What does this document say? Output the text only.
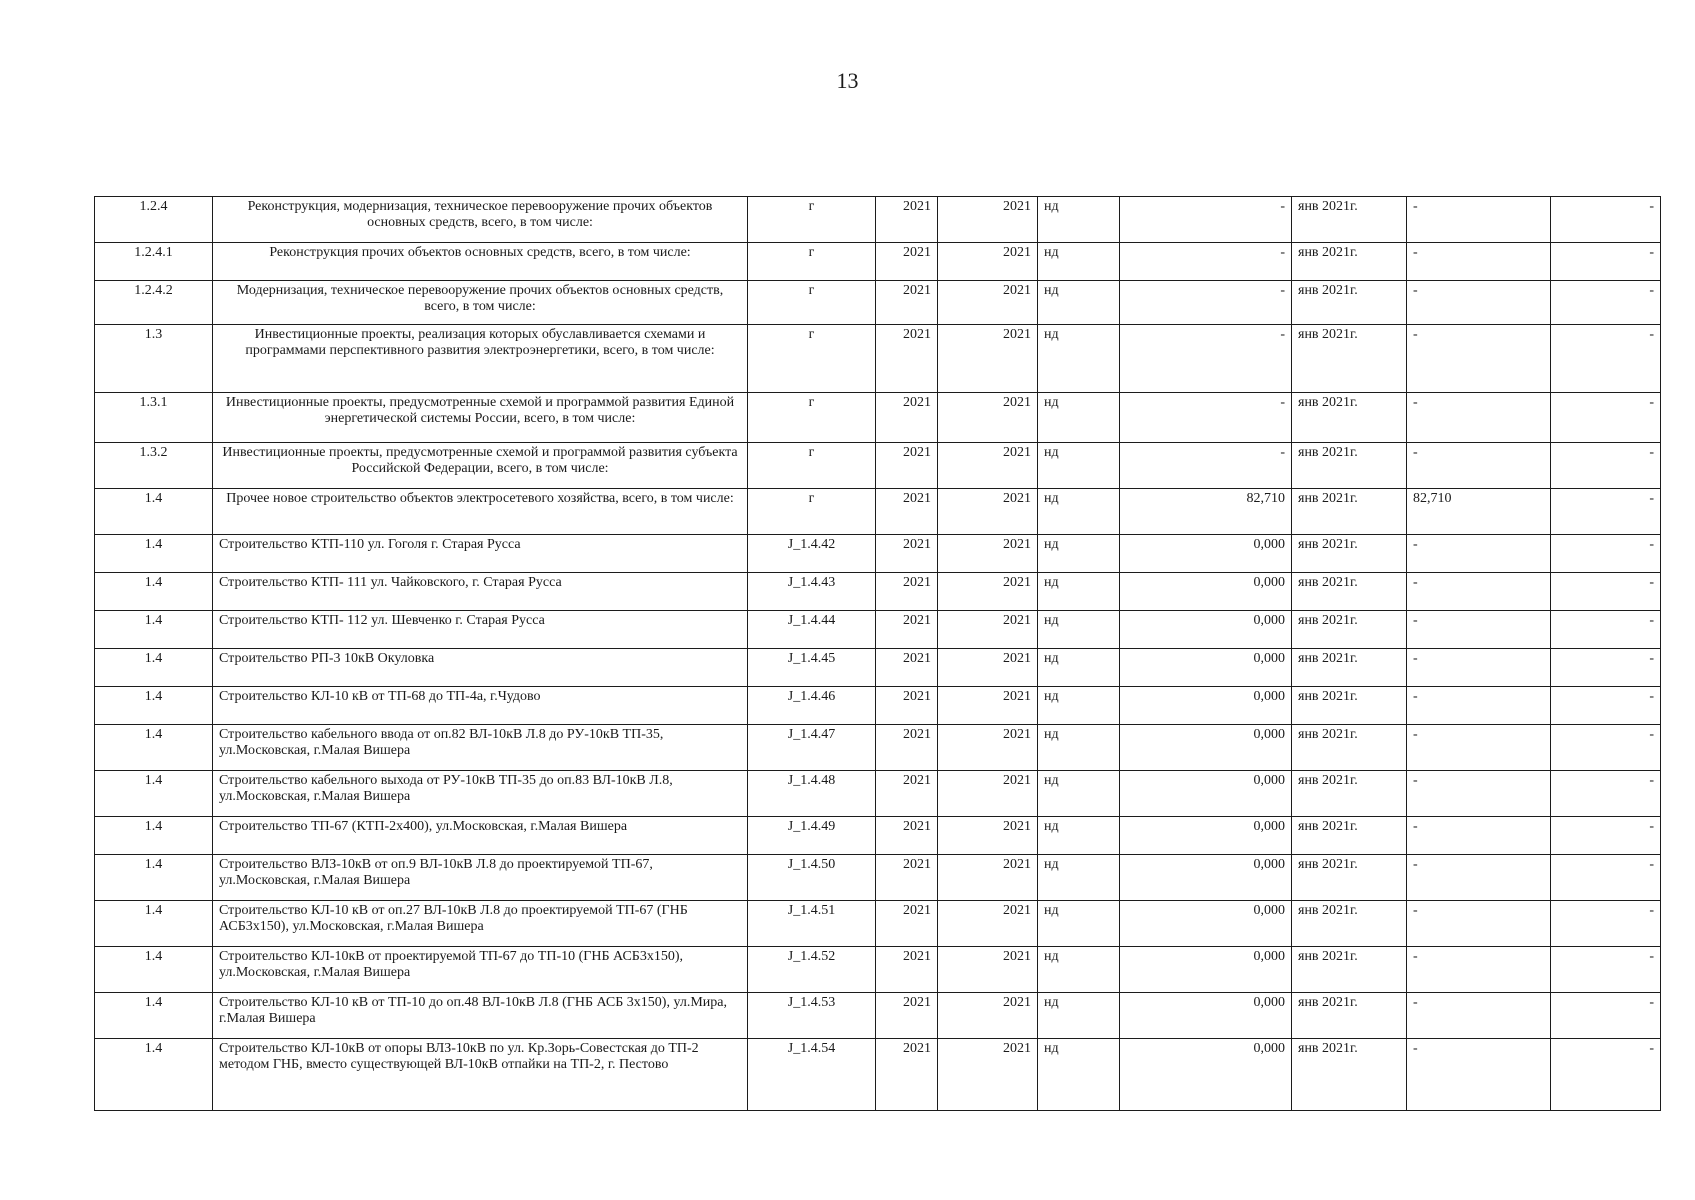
13
1.2.4	Реконструкция, модернизация, техническое перевооружение прочих объектов основных средств, всего, в том числе:	г	2021	2021	нд	-	янв 2021г.	-	-
1.2.4.1	Реконструкция прочих объектов основных средств, всего, в том числе:	г	2021	2021	нд	-	янв 2021г.	-	-
1.2.4.2	Модернизация, техническое перевооружение прочих объектов основных средств, всего, в том числе:	г	2021	2021	нд	-	янв 2021г.	-	-
1.3	Инвестиционные проекты, реализация которых обуславливается схемами и программами перспективного развития электроэнергетики, всего, в том числе:	г	2021	2021	нд	-	янв 2021г.	-	-
1.3.1	Инвестиционные проекты, предусмотренные схемой и программой развития Единой энергетической системы России, всего, в том числе:	г	2021	2021	нд	-	янв 2021г.	-	-
1.3.2	Инвестиционные проекты, предусмотренные схемой и программой развития субъекта Российской Федерации, всего, в том числе:	г	2021	2021	нд	-	янв 2021г.	-	-
1.4	Прочее новое строительство объектов электросетевого хозяйства, всего, в том числе:	г	2021	2021	нд	82,710	янв 2021г.	82,710	-
1.4	Строительство КТП-110 ул. Гоголя г. Старая Русса	J_1.4.42	2021	2021	нд	0,000	янв 2021г.	-	-
1.4	Строительство КТП- 111 ул. Чайковского, г. Старая Русса	J_1.4.43	2021	2021	нд	0,000	янв 2021г.	-	-
1.4	Строительство КТП- 112 ул. Шевченко г. Старая Русса	J_1.4.44	2021	2021	нд	0,000	янв 2021г.	-	-
1.4	Строительство РП-3 10кВ Окуловка	J_1.4.45	2021	2021	нд	0,000	янв 2021г.	-	-
1.4	Строительство КЛ-10 кВ от ТП-68 до ТП-4а, г.Чудово	J_1.4.46	2021	2021	нд	0,000	янв 2021г.	-	-
1.4	Строительство кабельного ввода от оп.82 ВЛ-10кВ Л.8 до РУ-10кВ ТП-35, ул.Московская, г.Малая Вишера	J_1.4.47	2021	2021	нд	0,000	янв 2021г.	-	-
1.4	Строительство кабельного выхода от РУ-10кВ ТП-35 до оп.83 ВЛ-10кВ Л.8, ул.Московская, г.Малая Вишера	J_1.4.48	2021	2021	нд	0,000	янв 2021г.	-	-
1.4	Строительство ТП-67 (КТП-2х400), ул.Московская, г.Малая Вишера	J_1.4.49	2021	2021	нд	0,000	янв 2021г.	-	-
1.4	Строительство ВЛЗ-10кВ от оп.9 ВЛ-10кВ Л.8 до проектируемой ТП-67, ул.Московская, г.Малая Вишера	J_1.4.50	2021	2021	нд	0,000	янв 2021г.	-	-
1.4	Строительство КЛ-10 кВ от оп.27 ВЛ-10кВ Л.8 до проектируемой ТП-67 (ГНБ АСБ3х150), ул.Московская, г.Малая Вишера	J_1.4.51	2021	2021	нд	0,000	янв 2021г.	-	-
1.4	Строительство КЛ-10кВ от проектируемой ТП-67 до ТП-10 (ГНБ АСБ3х150), ул.Московская, г.Малая Вишера	J_1.4.52	2021	2021	нд	0,000	янв 2021г.	-	-
1.4	Строительство КЛ-10 кВ от ТП-10 до оп.48 ВЛ-10кВ Л.8 (ГНБ АСБ 3х150), ул.Мира, г.Малая Вишера	J_1.4.53	2021	2021	нд	0,000	янв 2021г.	-	-
1.4	Строительство КЛ-10кВ от опоры ВЛЗ-10кВ по ул. Кр.Зорь-Совестская до ТП-2 методом ГНБ, вместо существующей ВЛ-10кВ отпайки на ТП-2, г. Пестово	J_1.4.54	2021	2021	нд	0,000	янв 2021г.	-	-
